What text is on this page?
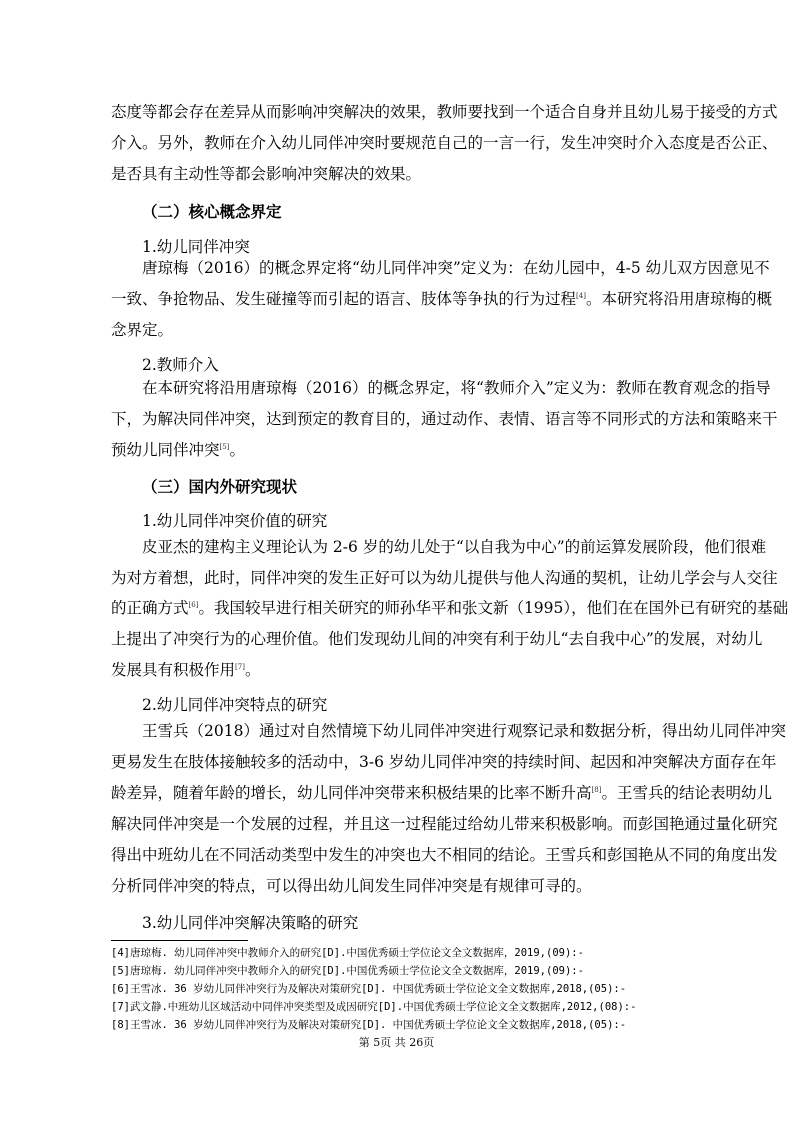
态度等都会存在差异从而影响冲突解决的效果，教师要找到一个适合自身并且幼儿易于接受的方式
介入。另外，教师在介入幼儿同伴冲突时要规范自己的一言一行，发生冲突时介入态度是否公正、
是否具有主动性等都会影响冲突解决的效果。
（二）核心概念界定
1.幼儿同伴冲突
唐琼梅（2016）的概念界定将“幼儿同伴冲突”定义为：在幼儿园中，4-5 幼儿双方因意见不
一致、争抢物品、发生碰撞等而引起的语言、肢体等争执的行为过程[4]。本研究将沿用唐琼梅的概
念界定。
2.教师介入
在本研究将沿用唐琼梅（2016）的概念界定，将“教师介入”定义为：教师在教育观念的指导
下，为解决同伴冲突，达到预定的教育目的，通过动作、表情、语言等不同形式的方法和策略来干
预幼儿同伴冲突[5]。
（三）国内外研究现状
1.幼儿同伴冲突价值的研究
皮亚杰的建构主义理论认为 2-6 岁的幼儿处于“以自我为中心”的前运算发展阶段，他们很难
为对方着想，此时，同伴冲突的发生正好可以为幼儿提供与他人沟通的契机，让幼儿学会与人交往
的正确方式[6]。我国较早进行相关研究的师孙华平和张文新（1995），他们在在国外已有研究的基础
上提出了冲突行为的心理价值。他们发现幼儿间的冲突有利于幼儿“去自我中心”的发展，对幼儿
发展具有积极作用[7]。
2.幼儿同伴冲突特点的研究
王雪兵（2018）通过对自然情境下幼儿同伴冲突进行观察记录和数据分析，得出幼儿同伴冲突
更易发生在肢体接触较多的活动中，3-6 岁幼儿同伴冲突的持续时间、起因和冲突解决方面存在年
龄差异，随着年龄的增长，幼儿同伴冲突带来积极结果的比率不断升高[8]。王雪兵的结论表明幼儿
解决同伴冲突是一个发展的过程，并且这一过程能过给幼儿带来积极影响。而彭国艳通过量化研究
得出中班幼儿在不同活动类型中发生的冲突也大不相同的结论。王雪兵和彭国艳从不同的角度出发
分析同伴冲突的特点，可以得出幼儿间发生同伴冲突是有规律可寻的。
3.幼儿同伴冲突解决策略的研究
[4]唐琼梅. 幼儿同伴冲突中教师介入的研究[D].中国优秀硕士学位论文全文数据库，2019,(09):-
[5]唐琼梅. 幼儿同伴冲突中教师介入的研究[D].中国优秀硕士学位论文全文数据库，2019,(09):-
[6]王雪冰. 36 岁幼儿同伴冲突行为及解决对策研究[D]. 中国优秀硕士学位论文全文数据库,2018,(05):-
[7]武文静.中班幼儿区域活动中同伴冲突类型及成因研究[D].中国优秀硕士学位论文全文数据库,2012,(08):-
[8]王雪冰. 36 岁幼儿同伴冲突行为及解决对策研究[D]. 中国优秀硕士学位论文全文数据库,2018,(05):-
第 5页 共 26页
